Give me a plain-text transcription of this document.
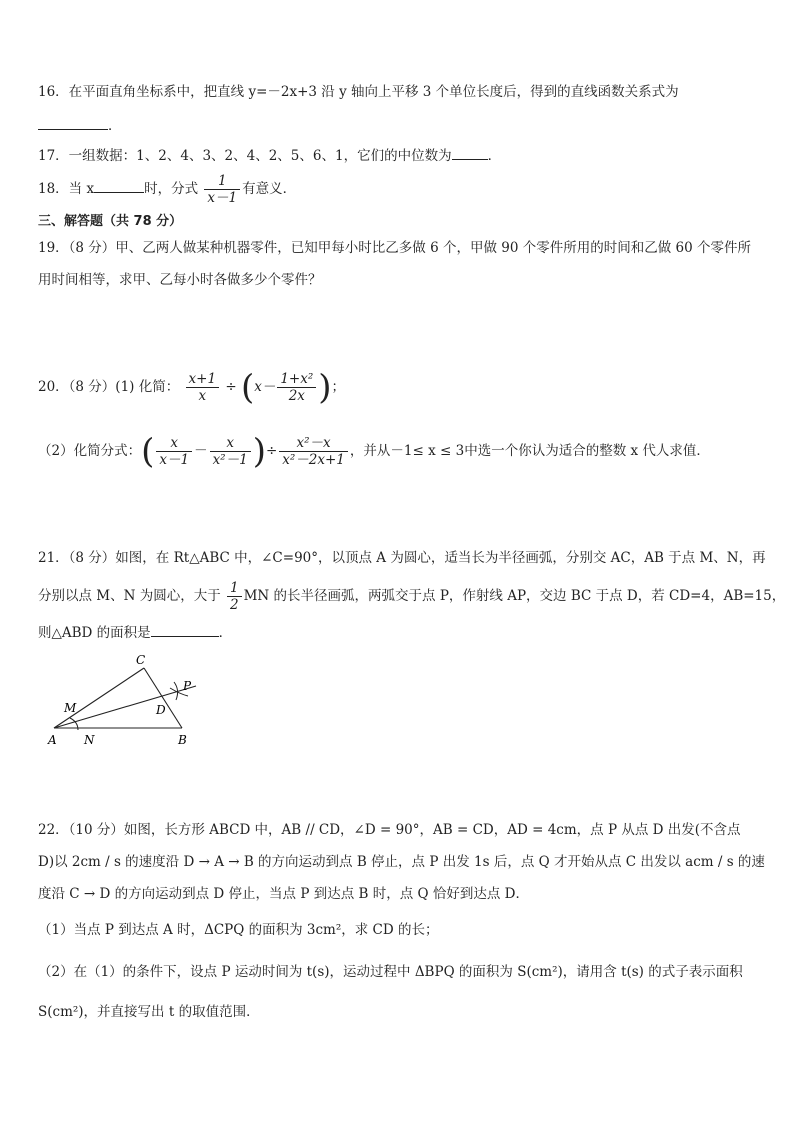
16．在平面直角坐标系中，把直线 y=－2x+3 沿 y 轴向上平移 3 个单位长度后，得到的直线函数关系式为
．
17．一组数据：1、2、4、3、2、4、2、5、6、1，它们的中位数为	．
18．当 x	时，分式 $\frac{1}{x-1}$ 有意义．
三、解答题（共 78 分）
19．（8 分）甲、乙两人做某种机器零件，已知甲每小时比乙多做 6 个，甲做 90 个零件所用的时间和乙做 60 个零件所
用时间相等，求甲、乙每小时各做多少个零件？
20．（8 分）(1) 化简： $\frac{x+1}{x} \div (x- \frac{\text{1+x²}}{2x}$ )；
（2）化简分式：( $\frac{x}{x-1} - \frac{x}{\text{x²－1}}$ )÷ $\frac{\text{x²－x}}{\text{x²－2x+1}}$ ，并从－1≤ x ≤ 3中选一个你认为适合的整数 x 代人求值．
21．（8 分）如图，在 Rt△ABC 中，∠C=90°，以顶点 A 为圆心，适当长为半径画弧，分别交 AC，AB 于点 M、N，再
分别以点 M、N 为圆心，大于 $\frac{1}{2}$ MN 的长半径画弧，两弧交于点 P，作射线 AP，交边 BC 于点 D，若 CD=4，AB=15，
则△ABD 的面积是	．
C
M	D
P
A N	B
22．（10 分）如图，长方形 ABCD 中，AB // CD，∠D = 90°，AB = CD，AD = 4cm，点 P 从点 D 出发(不含点
D)以 2cm / s 的速度沿 D → A → B 的方向运动到点 B 停止，点 P 出发 1s 后，点 Q 才开始从点 C 出发以 acm / s 的速
度沿 C → D 的方向运动到点 D 停止，当点 P 到达点 B 时，点 Q 恰好到达点 D．
（1）当点 P 到达点 A 时，ΔCPQ 的面积为 3cm²，求 CD 的长；
（2）在（1）的条件下，设点 P 运动时间为 t(s)，运动过程中 ΔBPQ 的面积为 S(cm²)，请用含 t(s) 的式子表示面积
S(cm²)，并直接写出 t 的取值范围．
